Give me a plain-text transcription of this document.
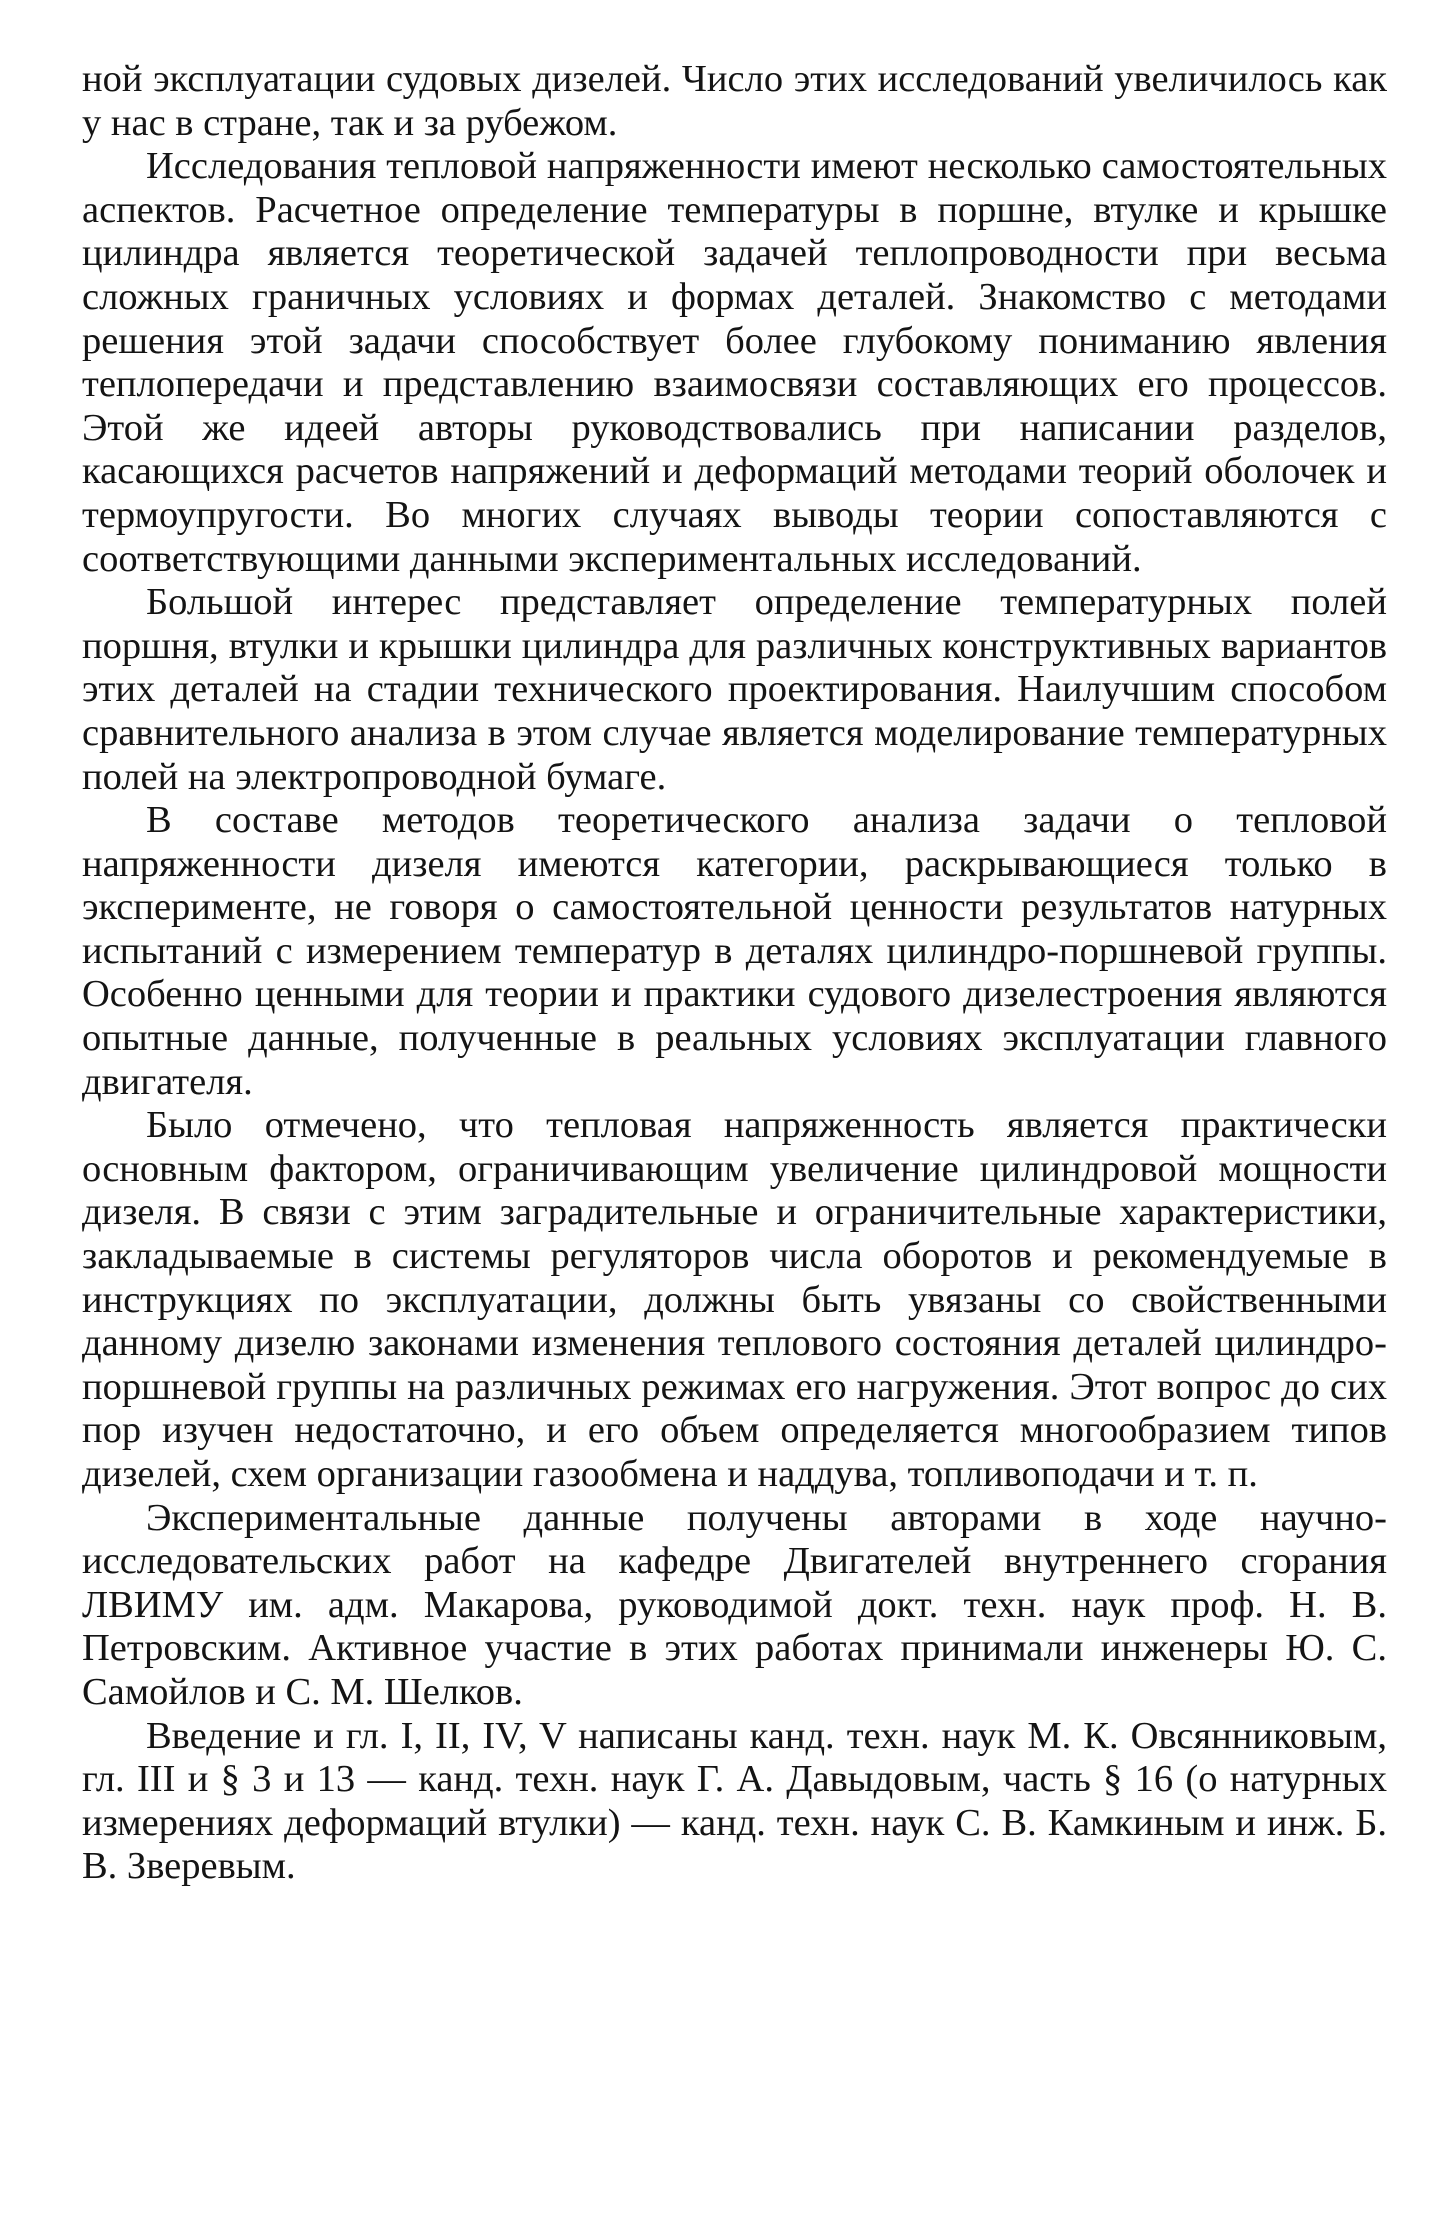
ной эксплуатации судовых дизелей. Число этих исследований увеличилось как у нас в стране, так и за рубежом.

Исследования тепловой напряженности имеют несколько самостоятельных аспектов. Расчетное определение температуры в поршне, втулке и крышке цилиндра является теоретической задачей теплопроводности при весьма сложных граничных условиях и формах деталей. Знакомство с методами решения этой задачи способствует более глубокому пониманию явления теплопередачи и представлению взаимосвязи составляющих его процессов. Этой же идеей авторы руководствовались при написании разделов, касающихся расчетов напряжений и деформаций методами теорий оболочек и термоупругости. Во многих случаях выводы теории сопоставляются с соответствующими данными экспериментальных исследований.

Большой интерес представляет определение температурных полей поршня, втулки и крышки цилиндра для различных конструктивных вариантов этих деталей на стадии технического проектирования. Наилучшим способом сравнительного анализа в этом случае является моделирование температурных полей на электропроводной бумаге.

В составе методов теоретического анализа задачи о тепловой напряженности дизеля имеются категории, раскрывающиеся только в эксперименте, не говоря о самостоятельной ценности результатов натурных испытаний с измерением температур в деталях цилиндро-поршневой группы. Особенно ценными для теории и практики судового дизелестроения являются опытные данные, полученные в реальных условиях эксплуатации главного двигателя.

Было отмечено, что тепловая напряженность является практически основным фактором, ограничивающим увеличение цилиндровой мощности дизеля. В связи с этим заградительные и ограничительные характеристики, закладываемые в системы регуляторов числа оборотов и рекомендуемые в инструкциях по эксплуатации, должны быть увязаны со свойственными данному дизелю законами изменения теплового состояния деталей цилиндропоршневой группы на различных режимах его нагружения. Этот вопрос до сих пор изучен недостаточно, и его объем определяется многообразием типов дизелей, схем организации газообмена и наддува, топливоподачи и т. п.

Экспериментальные данные получены авторами в ходе научно-исследовательских работ на кафедре Двигателей внутреннего сгорания ЛВИМУ им. адм. Макарова, руководимой докт. техн. наук проф. Н. В. Петровским. Активное участие в этих работах принимали инженеры Ю. С. Самойлов и С. М. Шелков.

Введение и гл. I, II, IV, V написаны канд. техн. наук М. К. Овсянниковым, гл. III и § 3 и 13 — канд. техн. наук Г. А. Давыдовым, часть § 16 (о натурных измерениях деформаций втулки) — канд. техн. наук С. В. Камкиным и инж. Б. В. Зверевым.
